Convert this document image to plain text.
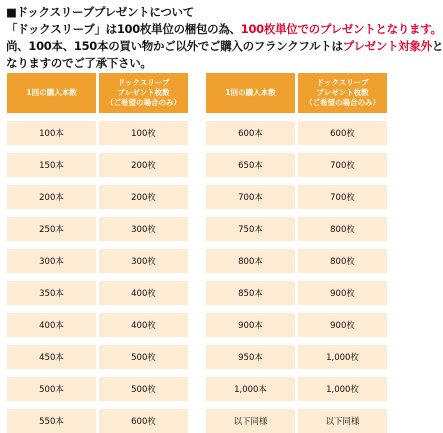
■ドックスリーブプレゼントについて
「ドックスリーブ」は100枚単位の梱包の為、100枚単位でのプレゼントとなります。
尚、100本、150本の買い物かご以外でご購入のフランクフルトはプレゼント対象外と
なりますのでご了承下さい。
1回の購入本数
ドックスリーブ
プレゼント枚数
（ご希望の場合のみ）
100本	100枚
150本	200枚
200本	200枚
250本	300枚
300本	300枚
350本	400枚
400本	400枚
450本	500枚
500本	500枚
550本	600枚
1回の購入本数
ドックスリーブ
プレゼント枚数
（ご希望の場合のみ）
600本	600枚
650本	700枚
700本	700枚
750本	800枚
800本	800枚
850本	900枚
900本	900枚
950本	1,000枚
1,000本	1,000枚
以下同様	以下同様
